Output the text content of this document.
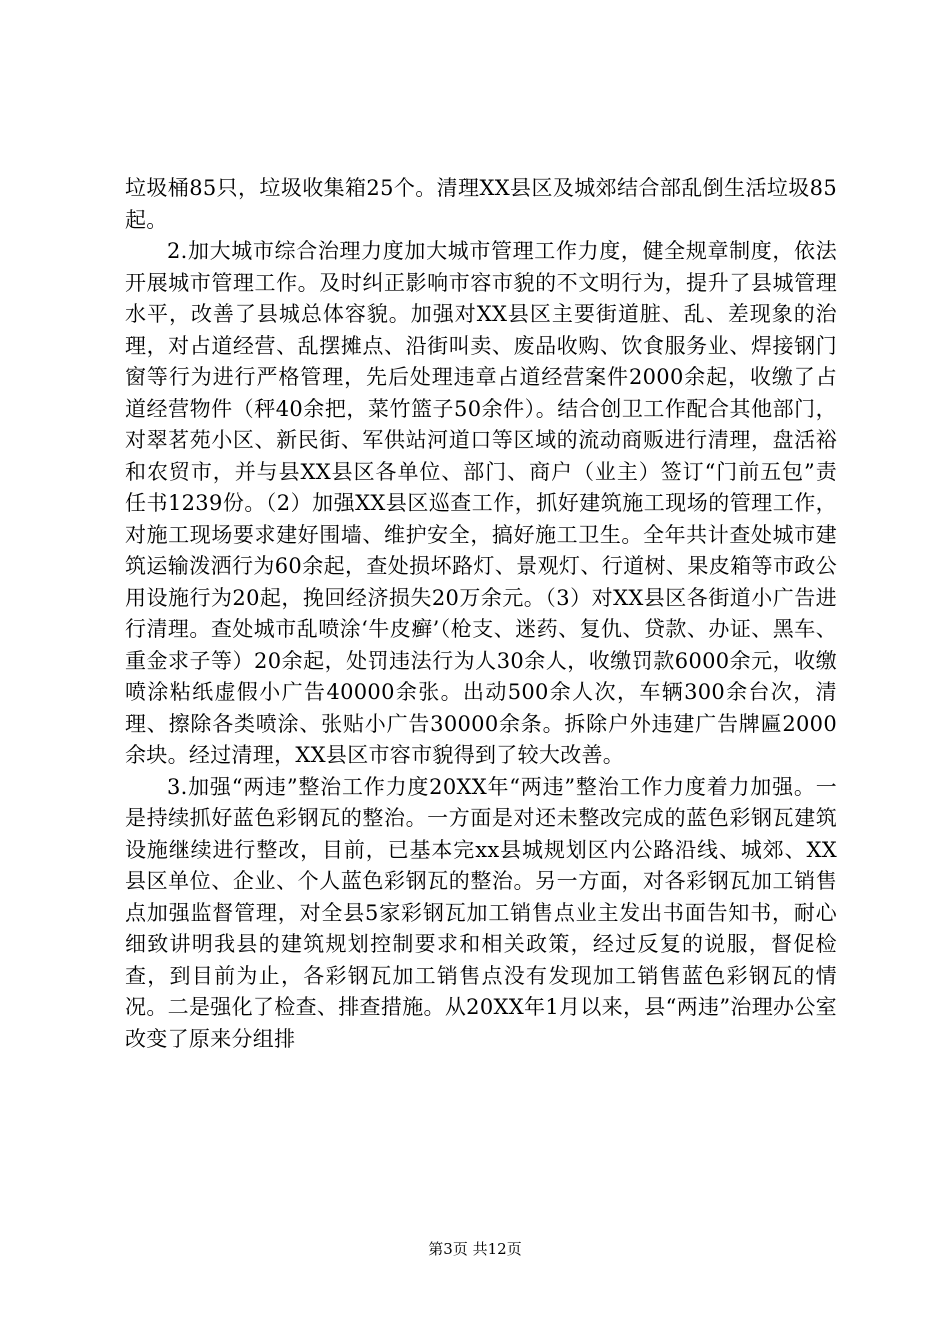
垃圾桶85只，垃圾收集箱25个。清理XX县区及城郊结合部乱倒生活垃圾85起。

2.加大城市综合治理力度加大城市管理工作力度，健全规章制度，依法开展城市管理工作。及时纠正影响市容市貌的不文明行为，提升了县城管理水平，改善了县城总体容貌。加强对XX县区主要街道脏、乱、差现象的治理，对占道经营、乱摆摊点、沿街叫卖、废品收购、饮食服务业、焊接钢门窗等行为进行严格管理，先后处理违章占道经营案件2000余起，收缴了占道经营物件（秤40余把，菜竹篮子50余件）。结合创卫工作配合其他部门，对翠茗苑小区、新民街、军供站河道口等区域的流动商贩进行清理，盘活裕和农贸市，并与县XX县区各单位、部门、商户（业主）签订“门前五包”责任书1239份。（2）加强XX县区巡查工作，抓好建筑施工现场的管理工作，对施工现场要求建好围墙、维护安全，搞好施工卫生。全年共计查处城市建筑运输泼洒行为60余起，查处损坏路灯、景观灯、行道树、果皮箱等市政公用设施行为20起，挽回经济损失20万余元。（3）对XX县区各街道小广告进行清理。查处城市乱喷涂‘牛皮癣’（枪支、迷药、复仇、贷款、办证、黑车、重金求子等）20余起，处罚违法行为人30余人，收缴罚款6000余元，收缴喷涂粘纸虚假小广告40000余张。出动500余人次，车辆300余台次，清理、擦除各类喷涂、张贴小广告30000余条。拆除户外违建广告牌匾2000余块。经过清理，XX县区市容市貌得到了较大改善。

3.加强“两违”整治工作力度20XX年“两违”整治工作力度着力加强。一是持续抓好蓝色彩钢瓦的整治。一方面是对还未整改完成的蓝色彩钢瓦建筑设施继续进行整改，目前，已基本完xx县城规划区内公路沿线、城郊、XX县区单位、企业、个人蓝色彩钢瓦的整治。另一方面，对各彩钢瓦加工销售点加强监督管理，对全县5家彩钢瓦加工销售点业主发出书面告知书，耐心细致讲明我县的建筑规划控制要求和相关政策，经过反复的说服，督促检查，到目前为止，各彩钢瓦加工销售点没有发现加工销售蓝色彩钢瓦的情况。二是强化了检查、排查措施。从20XX年1月以来，县“两违”治理办公室改变了原来分组排

第3页 共12页
